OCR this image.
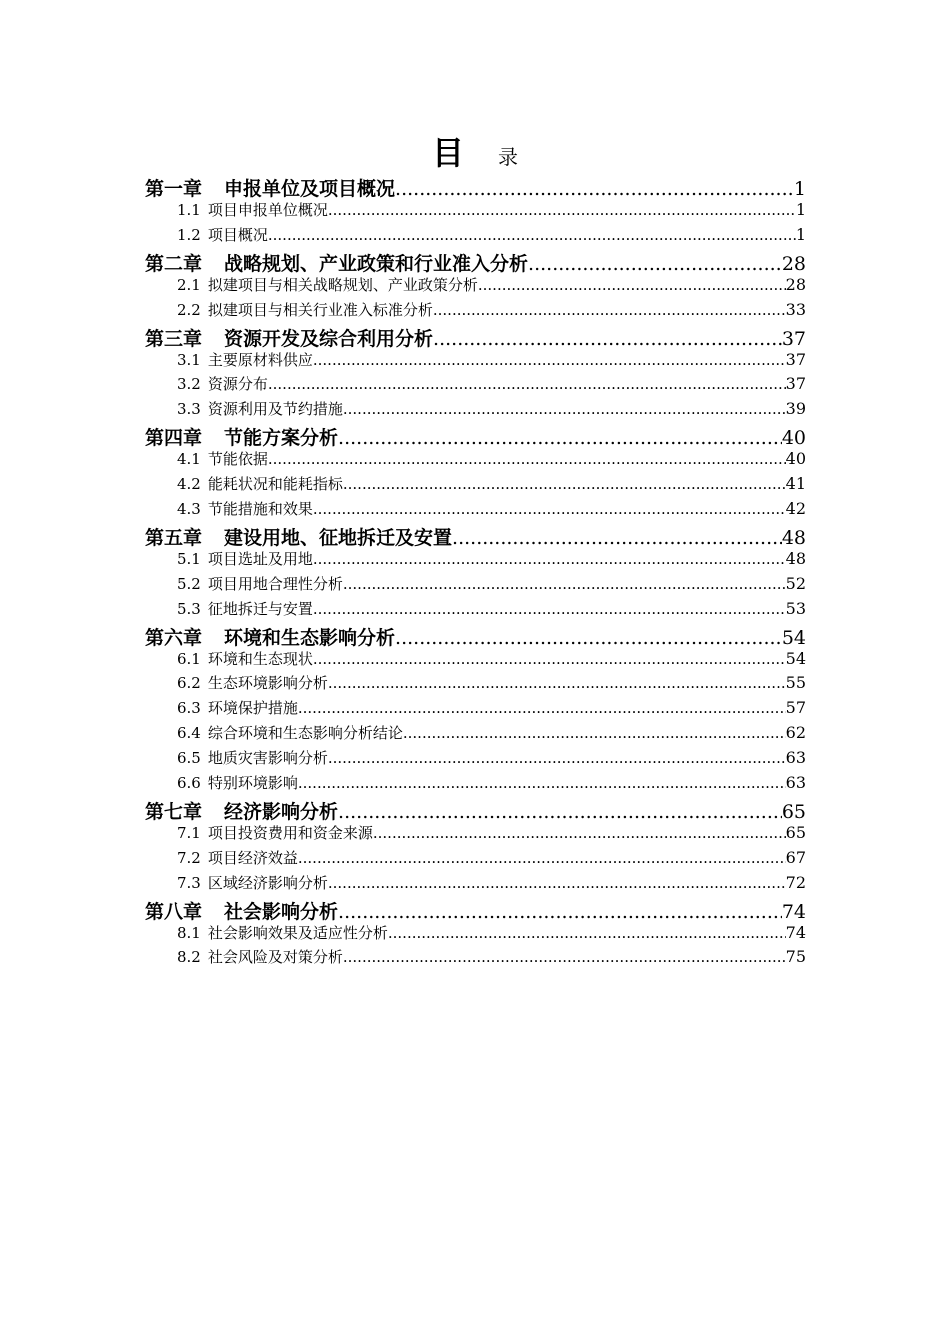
目 录
第一章 申报单位及项目概况 .....	1
1.1 项目申报单位概况 .....	1
1.2 项目概况 .....	1
第二章 战略规划、产业政策和行业准入分析 .....	28
2.1 拟建项目与相关战略规划、产业政策分析 .....	28
2.2 拟建项目与相关行业准入标准分析 .....	33
第三章 资源开发及综合利用分析 .....	37
3.1 主要原材料供应 .....	37
3.2 资源分布 .....	37
3.3 资源利用及节约措施 .....	39
第四章 节能方案分析 .....	40
4.1 节能依据 .....	40
4.2 能耗状况和能耗指标 .....	41
4.3 节能措施和效果 .....	42
第五章 建设用地、征地拆迁及安置 .....	48
5.1 项目选址及用地 .....	48
5.2 项目用地合理性分析 .....	52
5.3 征地拆迁与安置 .....	53
第六章 环境和生态影响分析 .....	54
6.1 环境和生态现状 .....	54
6.2 生态环境影响分析 .....	55
6.3 环境保护措施 .....	57
6.4 综合环境和生态影响分析结论 .....	62
6.5 地质灾害影响分析 .....	63
6.6 特别环境影响 .....	63
第七章 经济影响分析 .....	65
7.1 项目投资费用和资金来源 .....	65
7.2 项目经济效益 .....	67
7.3 区域经济影响分析 .....	72
第八章 社会影响分析 .....	74
8.1 社会影响效果及适应性分析 .....	74
8.2 社会风险及对策分析 .....	75
